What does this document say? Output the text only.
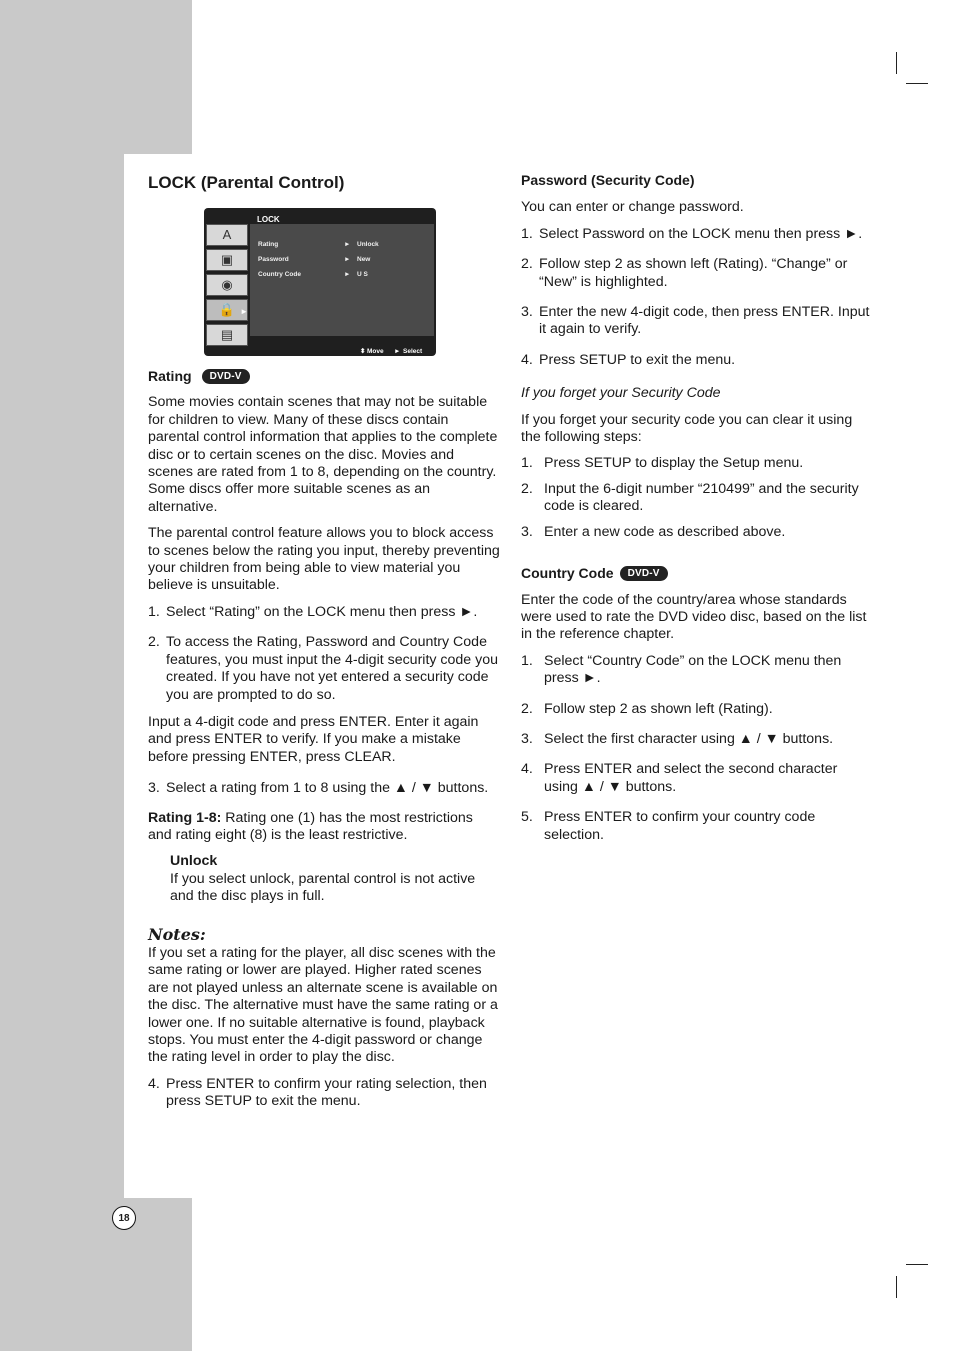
18
LOCK (Parental Control)
LOCK
A
▣
◉
🔒 ►
▤
Rating	► Unlock
Password	► New
Country Code	► U S
⬍ Move ► Select
Rating	DVD-V

Some movies contain scenes that may not be suitable for children to view. Many of these discs contain parental control information that applies to the complete disc or to certain scenes on the disc. Movies and scenes are rated from 1 to 8, depending on the country. Some discs offer more suitable scenes as an alternative.

The parental control feature allows you to block access to scenes below the rating you input, thereby preventing your children from being able to view material you believe is unsuitable.

1. Select “Rating” on the LOCK menu then press ►.
2. To access the Rating, Password and Country Code features, you must input the 4-digit security code you created. If you have not yet entered a security code you are prompted to do so.

Input a 4-digit code and press ENTER. Enter it again and press ENTER to verify. If you make a mistake before pressing ENTER, press CLEAR.

3. Select a rating from 1 to 8 using the ▲ / ▼ buttons.

Rating 1-8: Rating one (1) has the most restrictions and rating eight (8) is the least restrictive.

Unlock
If you select unlock, parental control is not active and the disc plays in full.
Notes:

If you set a rating for the player, all disc scenes with the same rating or lower are played. Higher rated scenes are not played unless an alternate scene is available on the disc. The alternative must have the same rating or a lower one. If no suitable alternative is found, playback stops. You must enter the 4-digit password or change the rating level in order to play the disc.

4. Press ENTER to confirm your rating selection, then press SETUP to exit the menu.
Password (Security Code)

You can enter or change password.

1. Select Password on the LOCK menu then press ►.
2. Follow step 2 as shown left (Rating). “Change” or “New” is highlighted.
3. Enter the new 4-digit code, then press ENTER. Input it again to verify.
4. Press SETUP to exit the menu.

If you forget your Security Code

If you forget your security code you can clear it using the following steps:

1. Press SETUP to display the Setup menu.
2. Input the 6-digit number “210499” and the security code is cleared.
3. Enter a new code as described above.
Country Code	DVD-V

Enter the code of the country/area whose standards were used to rate the DVD video disc, based on the list in the reference chapter.

1. Select “Country Code” on the LOCK menu then press ►.
2. Follow step 2 as shown left (Rating).
3. Select the first character using ▲ / ▼ buttons.
4. Press ENTER and select the second character using ▲ / ▼ buttons.
5. Press ENTER to confirm your country code selection.
